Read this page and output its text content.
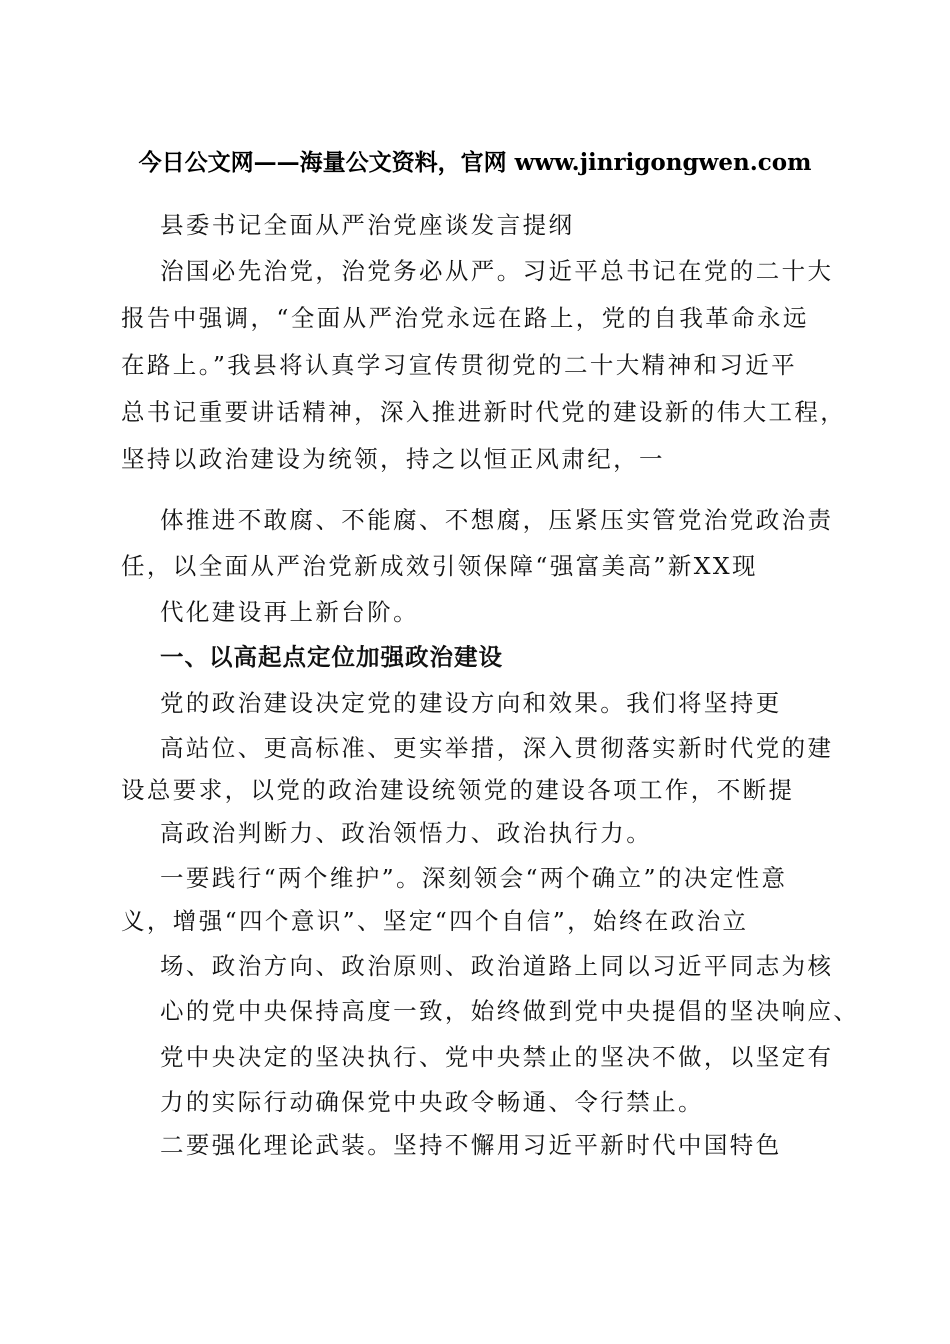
今日公文网——海量公文资料，官网 www.jinrigongwen.com
县委书记全面从严治党座谈发言提纲
治国必先治党，治党务必从严。习近平总书记在党的二十大
报告中强调，“全面从严治党永远在路上，党的自我革命永远
在路上。”我县将认真学习宣传贯彻党的二十大精神和习近平
总书记重要讲话精神，深入推进新时代党的建设新的伟大工程，
坚持以政治建设为统领，持之以恒正风肃纪，一
体推进不敢腐、不能腐、不想腐，压紧压实管党治党政治责
任，以全面从严治党新成效引领保障“强富美高”新XX现
代化建设再上新台阶。
一、以高起点定位加强政治建设
党的政治建设决定党的建设方向和效果。我们将坚持更
高站位、更高标准、更实举措，深入贯彻落实新时代党的建
设总要求，以党的政治建设统领党的建设各项工作，不断提
高政治判断力、政治领悟力、政治执行力。
一要践行“两个维护”。深刻领会“两个确立”的决定性意
义，增强“四个意识”、坚定“四个自信”，始终在政治立
场、政治方向、政治原则、政治道路上同以习近平同志为核
心的党中央保持高度一致，始终做到党中央提倡的坚决响应、
党中央决定的坚决执行、党中央禁止的坚决不做，以坚定有
力的实际行动确保党中央政令畅通、令行禁止。
二要强化理论武装。坚持不懈用习近平新时代中国特色
